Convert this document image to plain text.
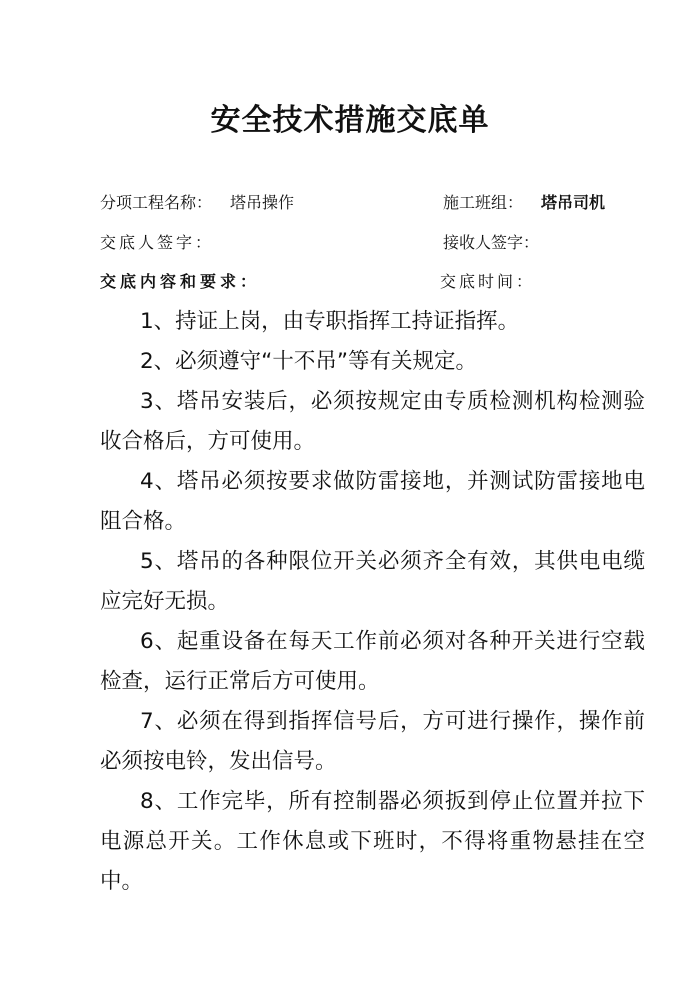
安全技术措施交底单
分项工程名称： 塔吊操作	施工班组： 塔吊司机
交底人签字：	接收人签字：
交底内容和要求：	交底时间：

1、持证上岗，由专职指挥工持证指挥。

2、必须遵守“十不吊”等有关规定。

3、塔吊安装后，必须按规定由专质检测机构检测验收合格后，方可使用。

4、塔吊必须按要求做防雷接地，并测试防雷接地电阻合格。

5、塔吊的各种限位开关必须齐全有效，其供电电缆应完好无损。

6、起重设备在每天工作前必须对各种开关进行空载检查，运行正常后方可使用。

7、必须在得到指挥信号后，方可进行操作，操作前必须按电铃，发出信号。

8、工作完毕，所有控制器必须扳到停止位置并拉下电源总开关。工作休息或下班时，不得将重物悬挂在空中。
